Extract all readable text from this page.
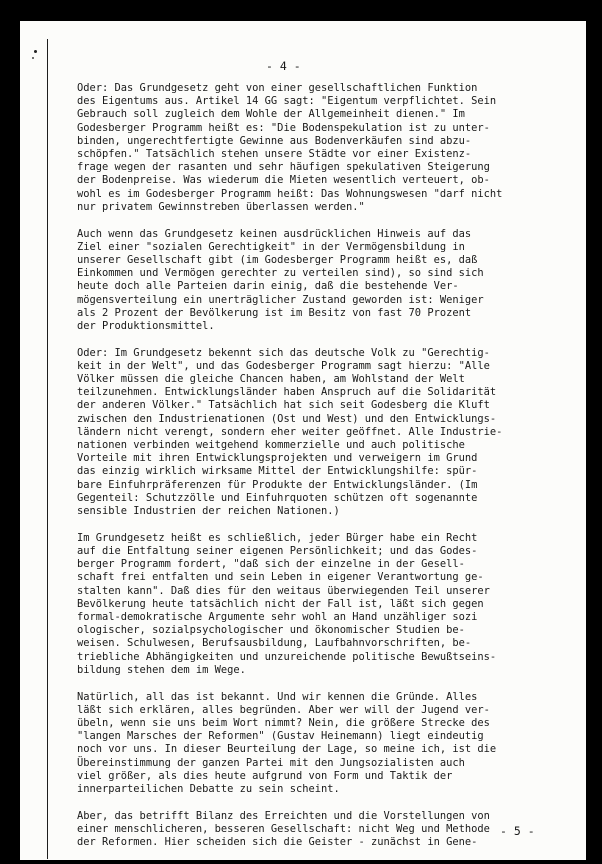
- 4 -

Oder: Das Grundgesetz geht von einer gesellschaftlichen Funktion
des Eigentums aus. Artikel 14 GG sagt: "Eigentum verpflichtet. Sein
Gebrauch soll zugleich dem Wohle der Allgemeinheit dienen." Im
Godesberger Programm heißt es: "Die Bodenspekulation ist zu unter-
binden, ungerechtfertigte Gewinne aus Bodenverkäufen sind abzu-
schöpfen." Tatsächlich stehen unsere Städte vor einer Existenz-
frage wegen der rasanten und sehr häufigen spekulativen Steigerung
der Bodenpreise. Was wiederum die Mieten wesentlich verteuert, ob-
wohl es im Godesberger Programm heißt: Das Wohnungswesen "darf nicht
nur privatem Gewinnstreben überlassen werden."

Auch wenn das Grundgesetz keinen ausdrücklichen Hinweis auf das
Ziel einer "sozialen Gerechtigkeit" in der Vermögensbildung in
unserer Gesellschaft gibt (im Godesberger Programm heißt es, daß
Einkommen und Vermögen gerechter zu verteilen sind), so sind sich
heute doch alle Parteien darin einig, daß die bestehende Ver-
mögensverteilung ein unerträglicher Zustand geworden ist: Weniger
als 2 Prozent der Bevölkerung ist im Besitz von fast 70 Prozent
der Produktionsmittel.

Oder: Im Grundgesetz bekennt sich das deutsche Volk zu "Gerechtig-
keit in der Welt", und das Godesberger Programm sagt hierzu: "Alle
Völker müssen die gleiche Chancen haben, am Wohlstand der Welt
teilzunehmen. Entwicklungsländer haben Anspruch auf die Solidarität
der anderen Völker." Tatsächlich hat sich seit Godesberg die Kluft
zwischen den Industrienationen (Ost und West) und den Entwicklungs-
ländern nicht verengt, sondern eher weiter geöffnet. Alle Industrie-
nationen verbinden weitgehend kommerzielle und auch politische
Vorteile mit ihren Entwicklungsprojekten und verweigern im Grund
das einzig wirklich wirksame Mittel der Entwicklungshilfe: spür-
bare Einfuhrpräferenzen für Produkte der Entwicklungsländer. (Im
Gegenteil: Schutzzölle und Einfuhrquoten schützen oft sogenannte
sensible Industrien der reichen Nationen.)

Im Grundgesetz heißt es schließlich, jeder Bürger habe ein Recht
auf die Entfaltung seiner eigenen Persönlichkeit; und das Godes-
berger Programm fordert, "daß sich der einzelne in der Gesell-
schaft frei entfalten und sein Leben in eigener Verantwortung ge-
stalten kann". Daß dies für den weitaus überwiegenden Teil unserer
Bevölkerung heute tatsächlich nicht der Fall ist, läßt sich gegen
formal-demokratische Argumente sehr wohl an Hand unzähliger sozi
ologischer, sozialpsychologischer und ökonomischer Studien be-
weisen. Schulwesen, Berufsausbildung, Laufbahnvorschriften, be-
triebliche Abhängigkeiten und unzureichende politische Bewußtseins-
bildung stehen dem im Wege.

Natürlich, all das ist bekannt. Und wir kennen die Gründe. Alles
läßt sich erklären, alles begründen. Aber wer will der Jugend ver-
übeln, wenn sie uns beim Wort nimmt? Nein, die größere Strecke des
"langen Marsches der Reformen" (Gustav Heinemann) liegt eindeutig
noch vor uns. In dieser Beurteilung der Lage, so meine ich, ist die
Übereinstimmung der ganzen Partei mit den Jungsozialisten auch
viel größer, als dies heute aufgrund von Form und Taktik der
innerparteilichen Debatte zu sein scheint.

Aber, das betrifft Bilanz des Erreichten und die Vorstellungen von
einer menschlicheren, besseren Gesellschaft: nicht Weg und Methode
der Reformen. Hier scheiden sich die Geister - zunächst in Gene-

- 5 -
